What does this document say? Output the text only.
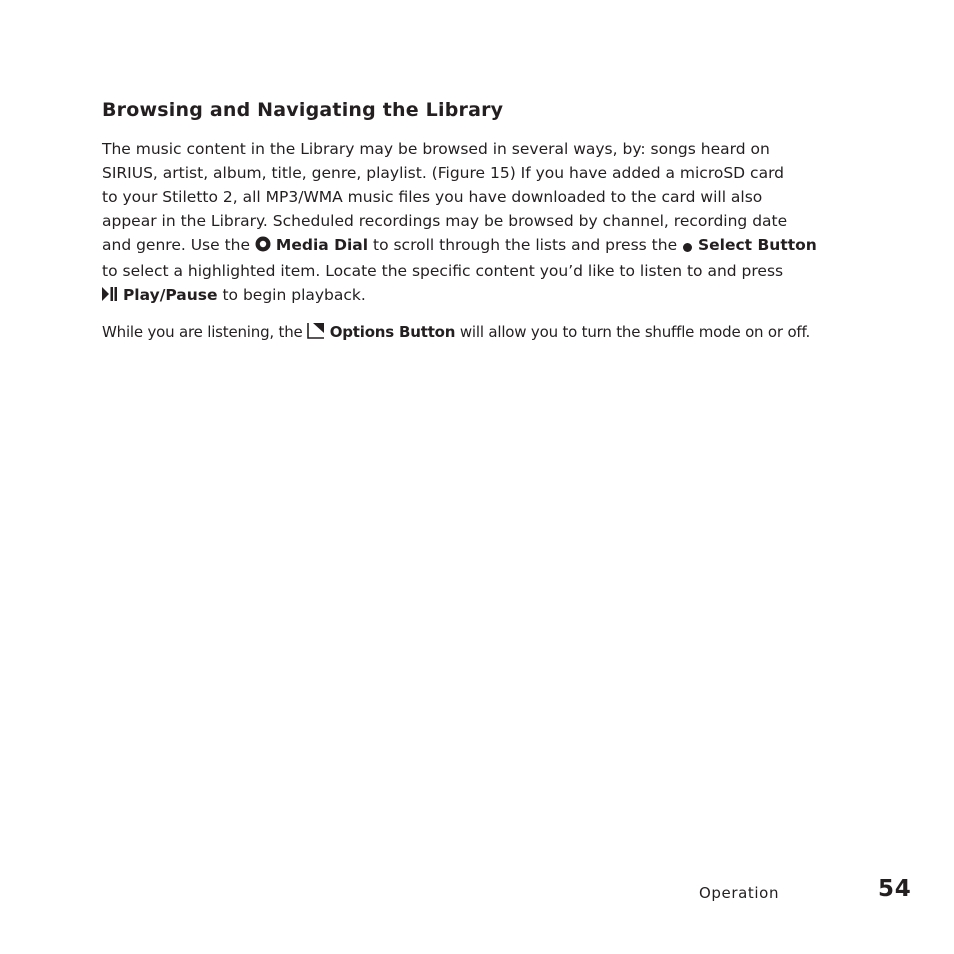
Browsing and Navigating the Library

The music content in the Library may be browsed in several ways, by: songs heard on
SIRIUS, artist, album, title, genre, playlist. (Figure 15) If you have added a microSD card
to your Stiletto 2, all MP3/WMA music files you have downloaded to the card will also
appear in the Library. Scheduled recordings may be browsed by channel, recording date
and genre. Use the  Media Dial to scroll through the lists and press the  Select Button
to select a highlighted item. Locate the specific content you’d like to listen to and press
Play/Pause to begin playback.

While you are listening, the  Options Button will allow you to turn the shuffle mode on or off.

Operation	54
